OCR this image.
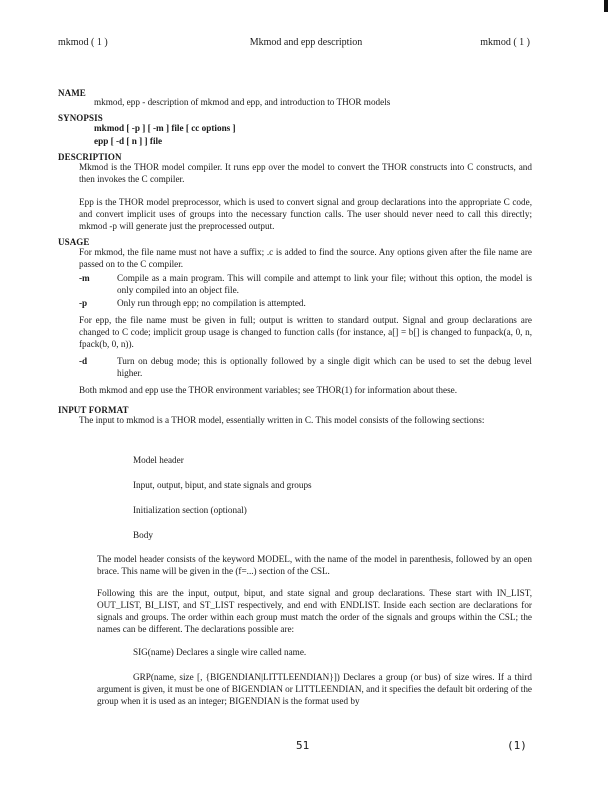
mkmod ( 1 )	Mkmod and epp description	mkmod ( 1 )
NAME
mkmod, epp - description of mkmod and epp, and introduction to THOR models
SYNOPSIS
mkmod [ -p ] [ -m ] file [ cc options ]
epp [ -d [ n ] ] file
DESCRIPTION
Mkmod is the THOR model compiler. It runs epp over the model to convert the THOR constructs into C constructs, and then invokes the C compiler.
Epp is the THOR model preprocessor, which is used to convert signal and group declarations into the appropriate C code, and convert implicit uses of groups into the necessary function calls. The user should never need to call this directly; mkmod -p will generate just the preprocessed output.
USAGE
For mkmod, the file name must not have a suffix; .c is added to find the source. Any options given after the file name are passed on to the C compiler.
-m	Compile as a main program. This will compile and attempt to link your file; without this option, the model is only compiled into an object file.
-p	Only run through epp; no compilation is attempted.
For epp, the file name must be given in full; output is written to standard output. Signal and group declarations are changed to C code; implicit group usage is changed to function calls (for instance, a[] = b[] is changed to funpack(a, 0, n, fpack(b, 0, n)).
-d	Turn on debug mode; this is optionally followed by a single digit which can be used to set the debug level higher.
Both mkmod and epp use the THOR environment variables; see THOR(1) for information about these.
INPUT FORMAT
The input to mkmod is a THOR model, essentially written in C. This model consists of the following sections:
Model header
Input, output, biput, and state signals and groups
Initialization section (optional)
Body
The model header consists of the keyword MODEL, with the name of the model in parenthesis, followed by an open brace. This name will be given in the (f=...) section of the CSL.
Following this are the input, output, biput, and state signal and group declarations. These start with IN_LIST, OUT_LIST, BI_LIST, and ST_LIST respectively, and end with ENDLIST. Inside each section are declarations for signals and groups. The order within each group must match the order of the signals and groups within the CSL; the names can be different. The declarations possible are:
SIG(name) Declares a single wire called name.
GRP(name, size [, {BIGENDIAN|LITTLEENDIAN}]) Declares a group (or bus) of size wires. If a third argument is given, it must be one of BIGENDIAN or LITTLEENDIAN, and it specifies the default bit ordering of the group when it is used as an integer; BIGENDIAN is the format used by
51	(1)
